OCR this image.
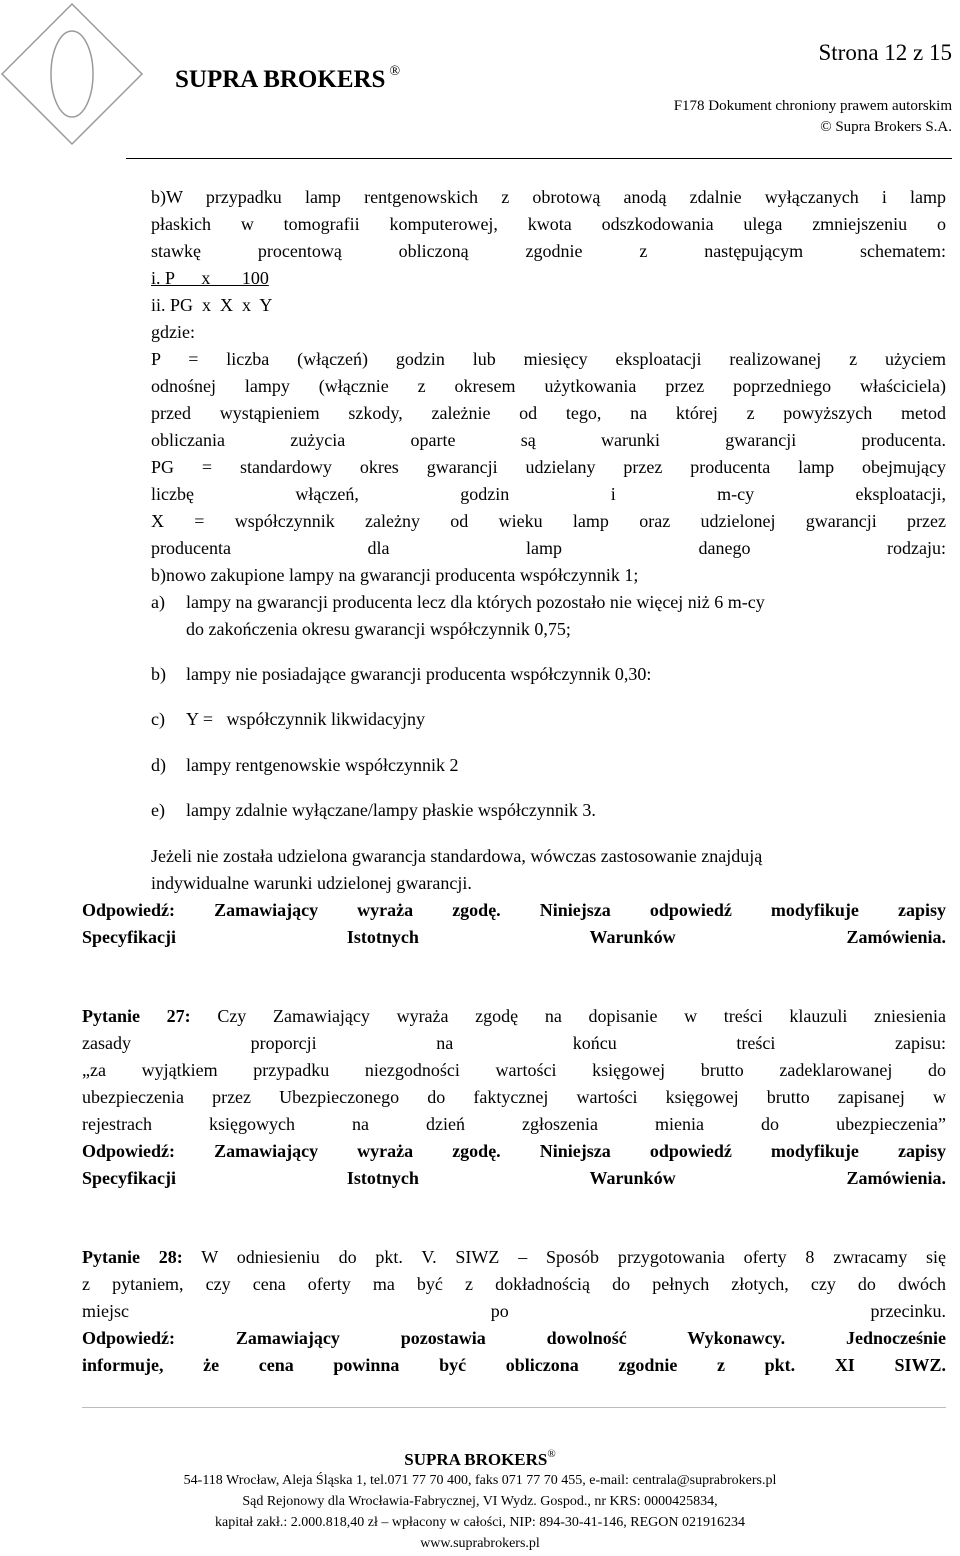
SUPRA BROKERS ®
Strona 12 z 15
F178 Dokument chroniony prawem autorskim
© Supra Brokers S.A.
b)W przypadku lamp rentgenowskich z obrotową anodą zdalnie wyłączanych i lamp
płaskich w tomografii komputerowej, kwota odszkodowania ulega zmniejszeniu o
stawkę procentową obliczoną zgodnie z następującym schematem:
i. P      x       100
ii. PG  x  X  x  Y
gdzie:
P = liczba (włączeń) godzin lub miesięcy eksploatacji realizowanej z użyciem
odnośnej lampy (włącznie z okresem użytkowania przez poprzedniego właściciela)
przed wystąpieniem szkody, zależnie od tego, na której z powyższych metod
obliczania zużycia oparte są warunki gwarancji producenta.
PG = standardowy okres gwarancji udzielany przez producenta lamp obejmujący
liczbę włączeń, godzin i m-cy eksploatacji,
X = współczynnik zależny od wieku lamp oraz udzielonej gwarancji przez
producenta dla lamp danego rodzaju:
b)nowo zakupione lampy na gwarancji producenta współczynnik 1;
a) lampy na gwarancji producenta lecz dla których pozostało nie więcej niż 6 m-cy
do zakończenia okresu gwarancji współczynnik 0,75;
b) lampy nie posiadające gwarancji producenta współczynnik 0,30:
c) Y =   współczynnik likwidacyjny
d) lampy rentgenowskie współczynnik 2
e) lampy zdalnie wyłączane/lampy płaskie współczynnik 3.
Jeżeli nie została udzielona gwarancja standardowa, wówczas zastosowanie znajdują
indywidualne warunki udzielonej gwarancji.
Odpowiedź: Zamawiający wyraża zgodę. Niniejsza odpowiedź modyfikuje zapisy
Specyfikacji Istotnych Warunków Zamówienia.
Pytanie 27: Czy Zamawiający wyraża zgodę na dopisanie w treści klauzuli zniesienia
zasady proporcji na końcu treści zapisu:
„za wyjątkiem przypadku niezgodności wartości księgowej brutto zadeklarowanej do
ubezpieczenia przez Ubezpieczonego do faktycznej wartości księgowej brutto zapisanej w
rejestrach księgowych na dzień zgłoszenia mienia do ubezpieczenia”
Odpowiedź: Zamawiający wyraża zgodę. Niniejsza odpowiedź modyfikuje zapisy
Specyfikacji Istotnych Warunków Zamówienia.
Pytanie 28: W odniesieniu do pkt. V. SIWZ – Sposób przygotowania oferty 8 zwracamy się
z pytaniem, czy cena oferty ma być z dokładnością do pełnych złotych, czy do dwóch
miejsc po przecinku.
Odpowiedź: Zamawiający pozostawia dowolność Wykonawcy. Jednocześnie
informuje, że cena powinna być obliczona zgodnie z pkt. XI SIWZ.
SUPRA BROKERS®
54-118 Wrocław, Aleja Śląska 1, tel.071 77 70 400, faks 071 77 70 455, e-mail: centrala@suprabrokers.pl
Sąd Rejonowy dla Wrocławia-Fabrycznej, VI Wydz. Gospod., nr KRS: 0000425834,
kapitał zakł.: 2.000.818,40 zł – wpłacony w całości, NIP: 894-30-41-146, REGON 021916234
www.suprabrokers.pl
